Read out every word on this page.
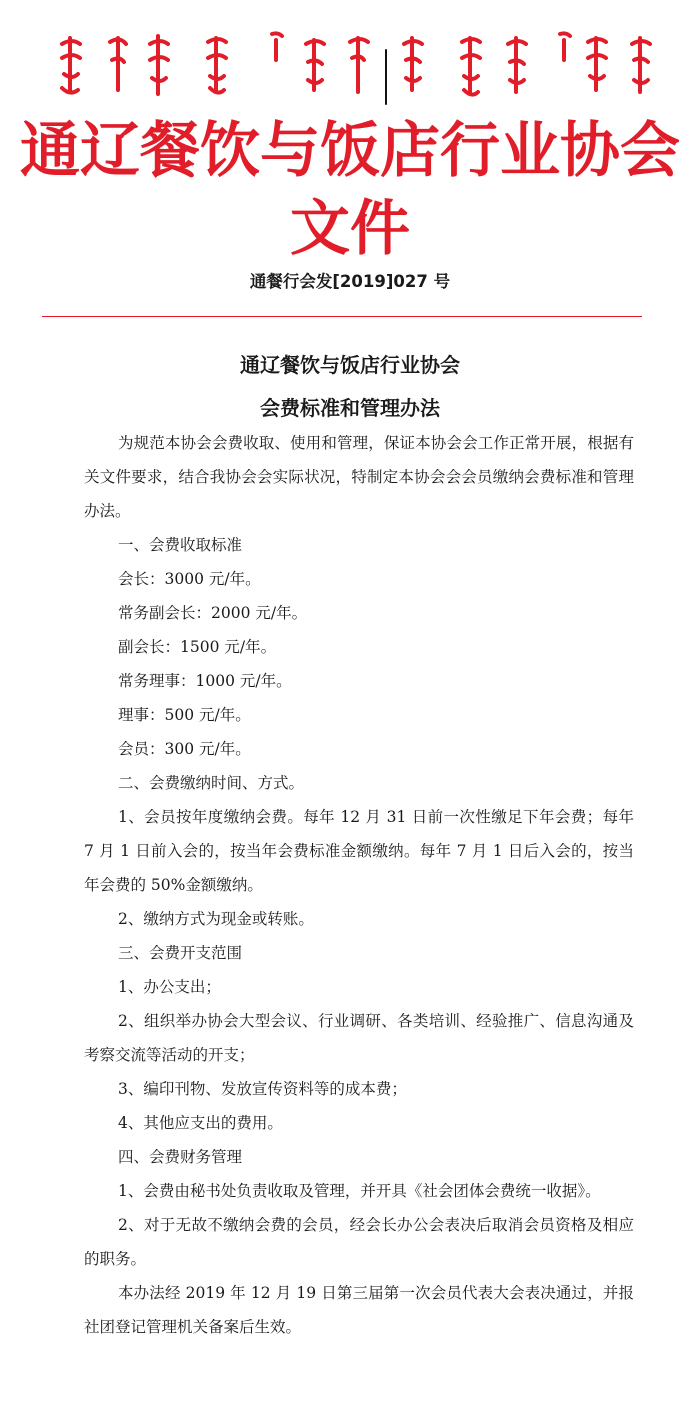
通辽餐饮与饭店行业协会文件
通餐行会发[2019]027 号
通辽餐饮与饭店行业协会
会费标准和管理办法

为规范本协会会费收取、使用和管理，保证本协会会工作正常开展，根据有关文件要求，结合我协会会实际状况，特制定本协会会会员缴纳会费标准和管理办法。

一、会费收取标准

会长：3000 元/年。

常务副会长：2000 元/年。

副会长：1500 元/年。

常务理事：1000 元/年。

理事：500 元/年。

会员：300 元/年。

二、会费缴纳时间、方式。

1、会员按年度缴纳会费。每年 12 月 31 日前一次性缴足下年会费；每年 7 月 1 日前入会的，按当年会费标准金额缴纳。每年 7 月 1 日后入会的，按当年会费的 50%金额缴纳。

2、缴纳方式为现金或转账。

三、会费开支范围

1、办公支出；

2、组织举办协会大型会议、行业调研、各类培训、经验推广、信息沟通及考察交流等活动的开支；

3、编印刊物、发放宣传资料等的成本费；

4、其他应支出的费用。

四、会费财务管理

1、会费由秘书处负责收取及管理，并开具《社会团体会费统一收据》。

2、对于无故不缴纳会费的会员，经会长办公会表决后取消会员资格及相应的职务。

本办法经 2019 年 12 月 19 日第三届第一次会员代表大会表决通过，并报社团登记管理机关备案后生效。
